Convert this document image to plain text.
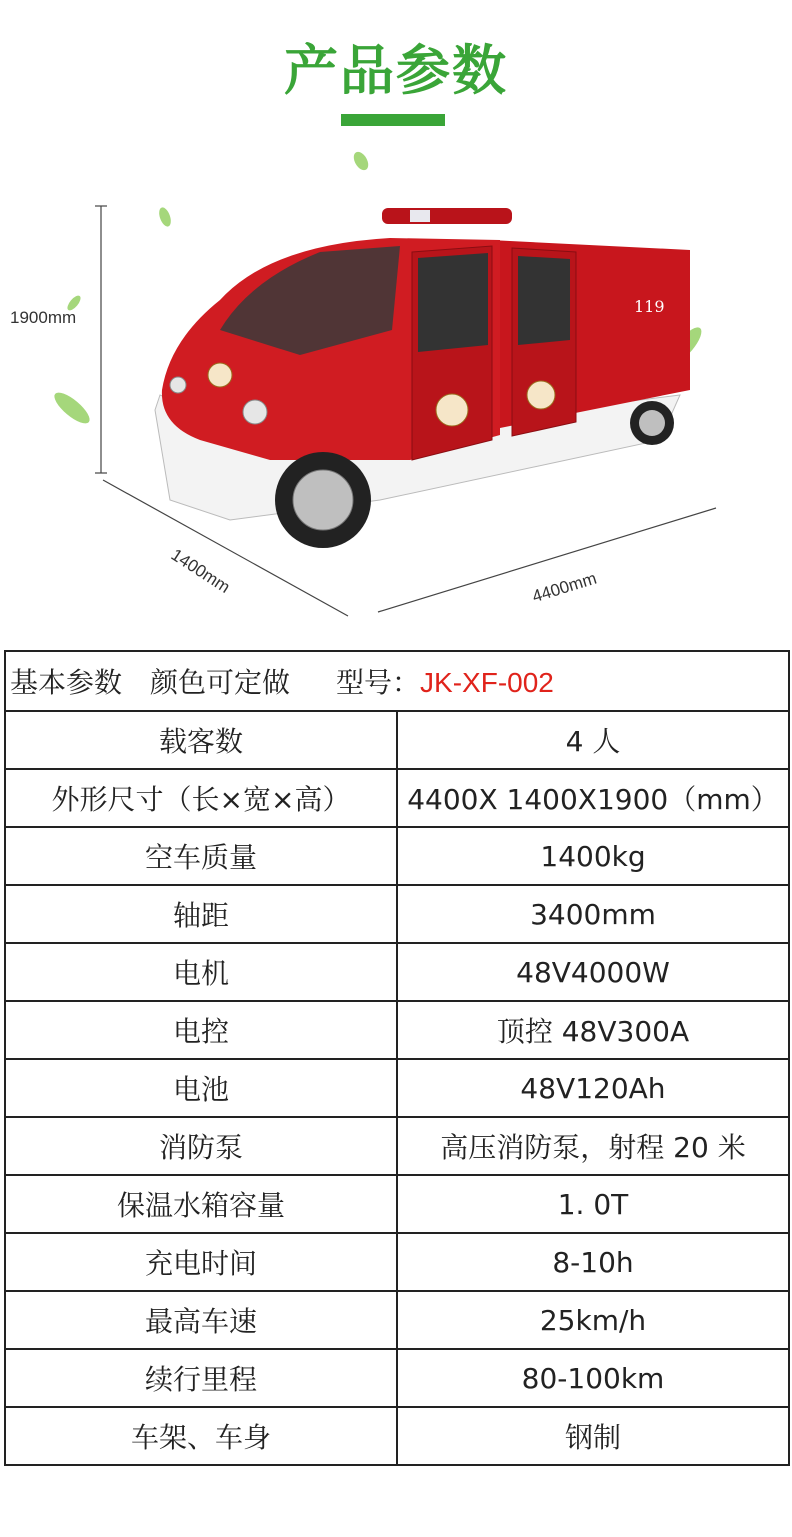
产品参数
119
1900mm
1400mm	4400mm
基本参数 颜色可定做 型号：JK-XF-002	
载客数	4 人
外形尺寸（长×宽×高）	4400X 1400X1900（mm）
空车质量	1400kg
轴距	3400mm
电机	48V4000W
电控	顶控 48V300A
电池	48V120Ah
消防泵	高压消防泵，射程 20 米
保温水箱容量	1. 0T
充电时间	8-10h
最高车速	25km/h
续行里程	80-100km
车架、车身	钢制
